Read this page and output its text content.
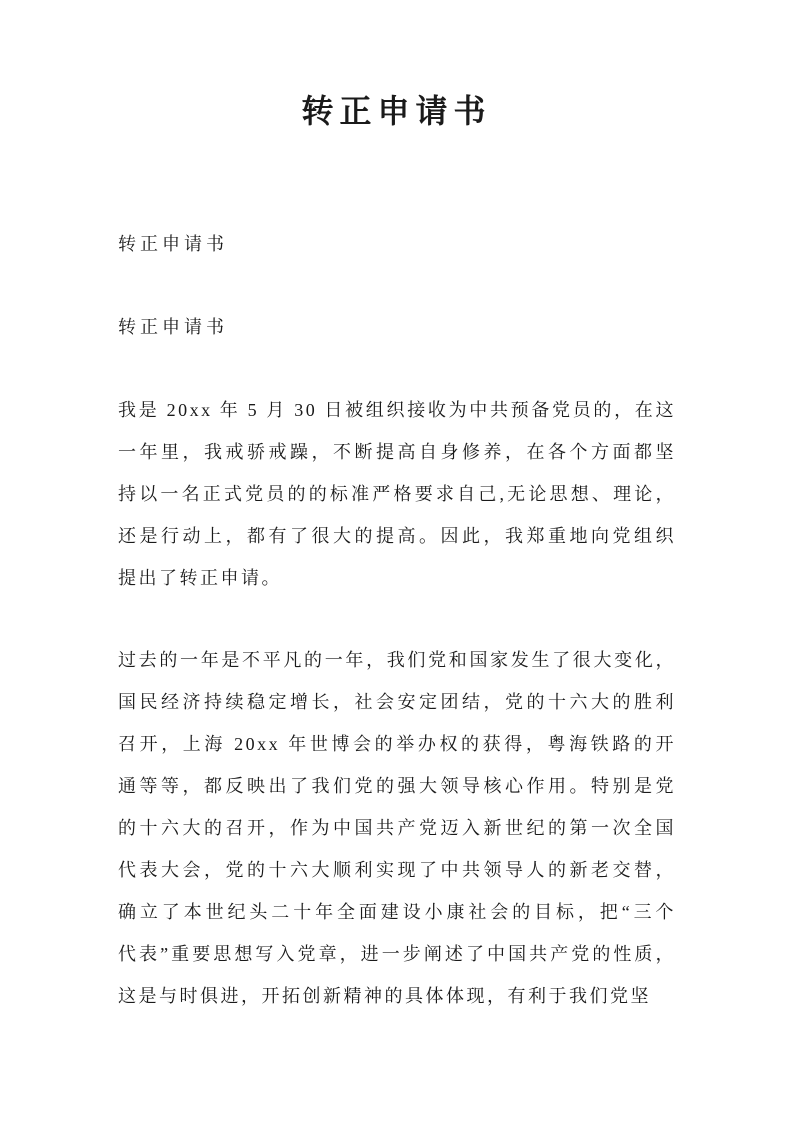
转正申请书
转正申请书
转正申请书
我是 20xx 年 5 月 30 日被组织接收为中共预备党员的，在这
一年里，我戒骄戒躁，不断提高自身修养，在各个方面都坚
持以一名正式党员的的标准严格要求自己,无论思想、理论，
还是行动上，都有了很大的提高。因此，我郑重地向党组织
提出了转正申请。
过去的一年是不平凡的一年，我们党和国家发生了很大变化，
国民经济持续稳定增长，社会安定团结，党的十六大的胜利
召开，上海 20xx 年世博会的举办权的获得，粤海铁路的开
通等等，都反映出了我们党的强大领导核心作用。特别是党
的十六大的召开，作为中国共产党迈入新世纪的第一次全国
代表大会，党的十六大顺利实现了中共领导人的新老交替，
确立了本世纪头二十年全面建设小康社会的目标，把“三个
代表”重要思想写入党章，进一步阐述了中国共产党的性质，
这是与时俱进，开拓创新精神的具体体现，有利于我们党坚
